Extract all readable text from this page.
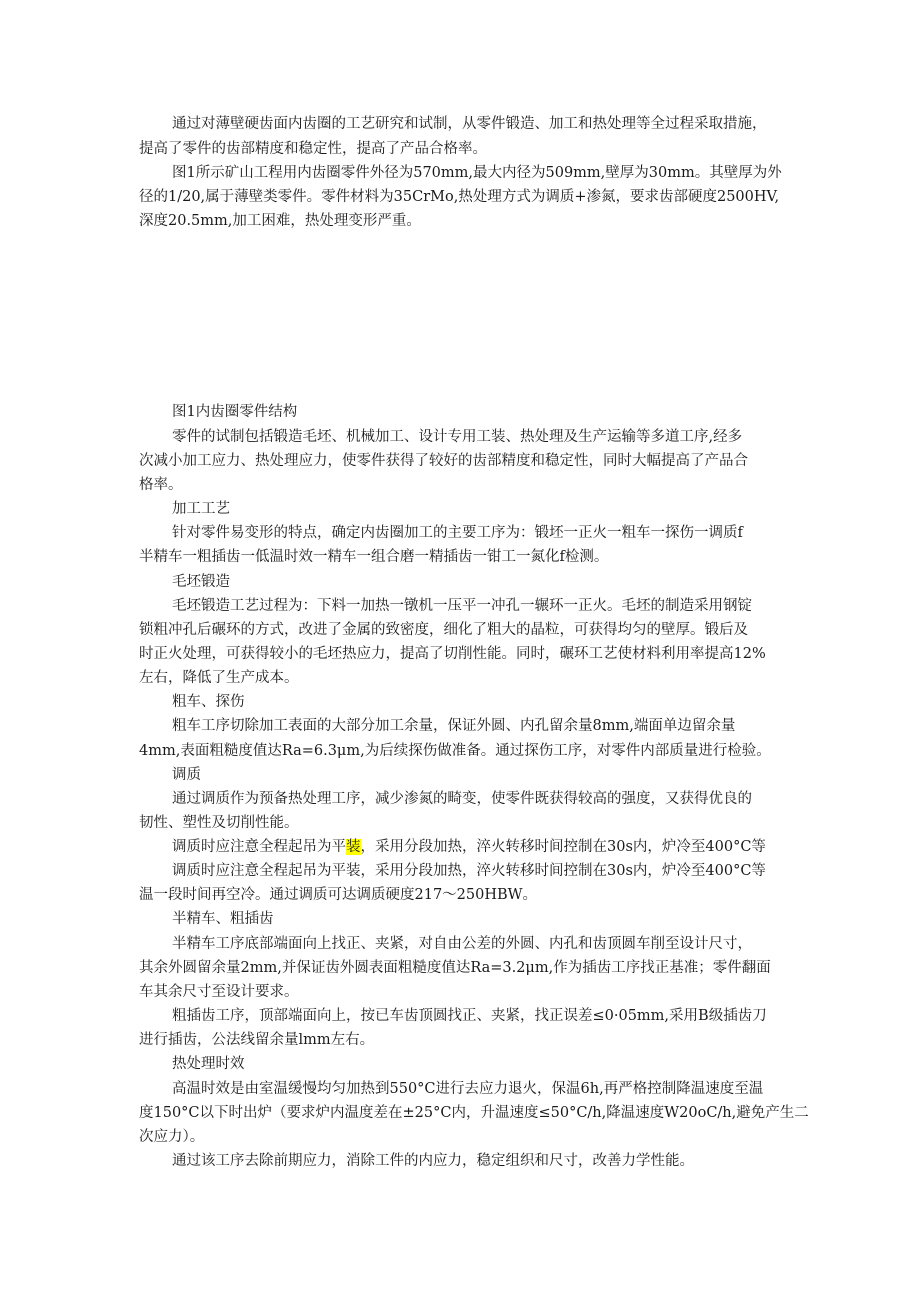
通过对薄壁硬齿面内齿圈的工艺研究和试制，从零件锻造、加工和热处理等全过程采取措施，
提高了零件的齿部精度和稳定性，提高了产品合格率。
图1所示矿山工程用内齿圈零件外径为570mm,最大内径为509mm,壁厚为30mm。其壁厚为外
径的1/20,属于薄壁类零件。零件材料为35CrMo,热处理方式为调质+渗氮，要求齿部硬度2500HV,
深度20.5mm,加工困难，热处理变形严重。
图1内齿圈零件结构
零件的试制包括锻造毛坯、机械加工、设计专用工装、热处理及生产运输等多道工序,经多
次减小加工应力、热处理应力，使零件获得了较好的齿部精度和稳定性，同时大幅提高了产品合
格率。
加工工艺
针对零件易变形的特点，确定内齿圈加工的主要工序为：锻坯一正火一粗车一探伤一调质f
半精车一粗插齿一低温时效一精车一组合磨一精插齿一钳工一氮化f检测。
毛坯锻造
毛坯锻造工艺过程为：下料一加热一镦机一压平一冲孔一辗环一正火。毛坯的制造采用钢锭
锁粗冲孔后碾环的方式，改进了金属的致密度，细化了粗大的晶粒，可获得均匀的壁厚。锻后及
时正火处理，可获得较小的毛坯热应力，提高了切削性能。同时，碾环工艺使材料利用率提高12%
左右，降低了生产成本。
粗车、探伤
粗车工序切除加工表面的大部分加工余量，保证外圆、内孔留余量8mm,端面单边留余量
4mm,表面粗糙度值达Ra=6.3μm,为后续探伤做准备。通过探伤工序，对零件内部质量进行检验。
调质
通过调质作为预备热处理工序，减少渗氮的畸变，使零件既获得较高的强度，又获得优良的
韧性、塑性及切削性能。
调质时应注意全程起吊为平装，采用分段加热，淬火转移时间控制在30s内，炉冷至400°C等
调质时应注意全程起吊为平装，采用分段加热，淬火转移时间控制在30s内，炉冷至400°C等
温一段时间再空冷。通过调质可达调质硬度217～250HBW。
半精车、粗插齿
半精车工序底部端面向上找正、夹紧，对自由公差的外圆、内孔和齿顶圆车削至设计尺寸，
其余外圆留余量2mm,并保证齿外圆表面粗糙度值达Ra=3.2μm,作为插齿工序找正基准；零件翻面
车其余尺寸至设计要求。
粗插齿工序，顶部端面向上，按已车齿顶圆找正、夹紧，找正误差≤0·05mm,采用B级插齿刀
进行插齿，公法线留余量lmm左右。
热处理时效
高温时效是由室温缓慢均匀加热到550°C进行去应力退火，保温6h,再严格控制降温速度至温
度150°C以下时出炉（要求炉内温度差在±25°C内，升温速度≤50°C/h,降温速度W20oC/h,避免产生二
次应力）。
通过该工序去除前期应力，消除工件的内应力，稳定组织和尺寸，改善力学性能。
